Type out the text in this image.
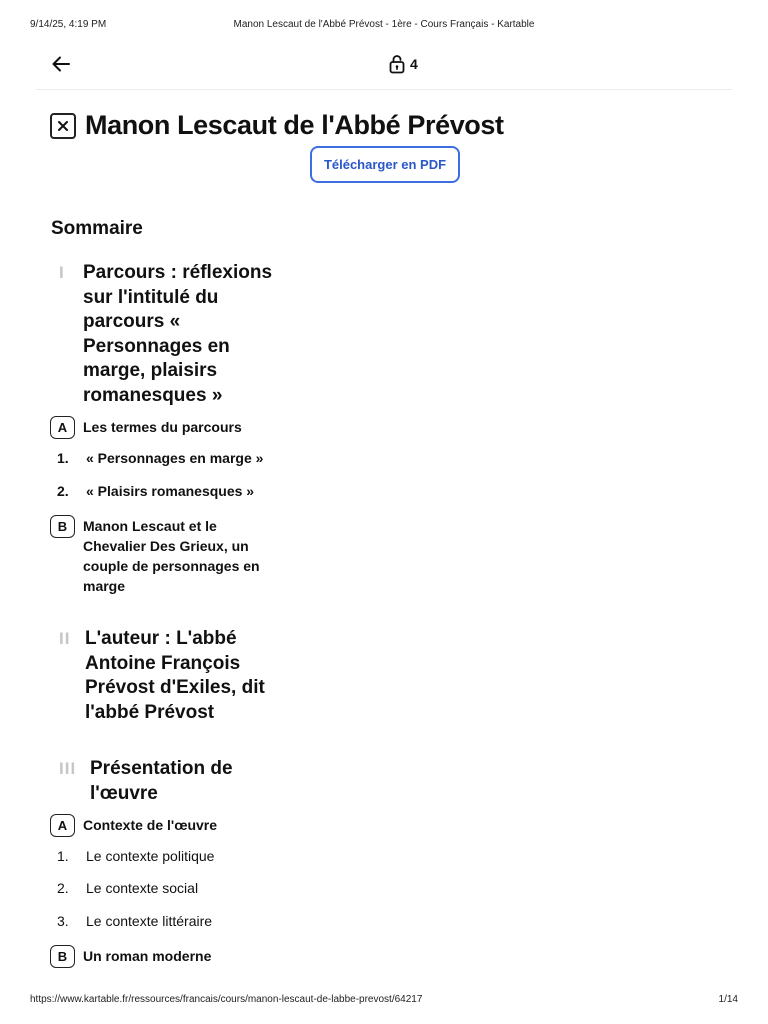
9/14/25, 4:19 PM	Manon Lescaut de l'Abbé Prévost - 1ère - Cours Français - Kartable
4
Manon Lescaut de l'Abbé Prévost
Télécharger en PDF
Sommaire
I Parcours : réflexions sur l'intitulé du parcours « Personnages en marge, plaisirs romanesques »
A	Les termes du parcours
1.	« Personnages en marge »
2.	« Plaisirs romanesques »
B	Manon Lescaut et le Chevalier Des Grieux, un couple de personnages en marge
II L'auteur : L'abbé Antoine François Prévost d'Exiles, dit l'abbé Prévost
III Présentation de l'œuvre
A	Contexte de l'œuvre
1.	Le contexte politique
2.	Le contexte social
3.	Le contexte littéraire
B	Un roman moderne
https://www.kartable.fr/ressources/francais/cours/manon-lescaut-de-labbe-prevost/64217	1/14
